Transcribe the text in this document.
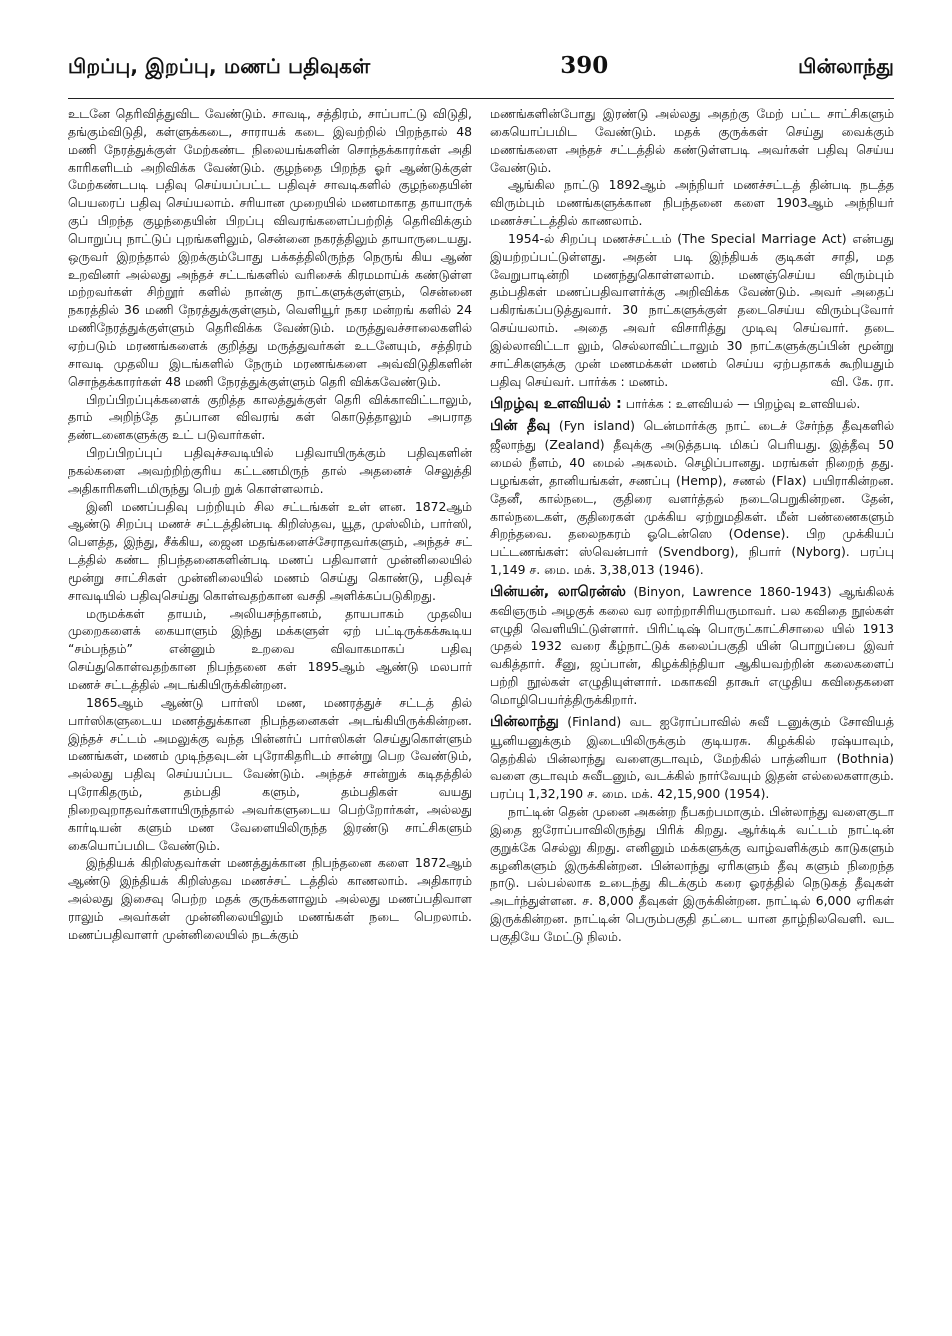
பிறப்பு, இறப்பு, மணப் பதிவுகள்	390	பின்லாந்து

உடனே தெரிவித்துவிட வேண்டும். சாவடி, சத்திரம், சாப்பாட்டு விடுதி, தங்கும்விடுதி, கள்ளுக்கடை, சாராயக் கடை இவற்றில் பிறந்தால் 48 மணி நேரத்துக்குள் மேற்கண்ட நிலையங்களின் சொந்தக்காரர்கள் அதி காரிகளிடம் அறிவிக்க வேண்டும். குழந்தை பிறந்த ஓர் ஆண்டுக்குள் மேற்கண்டபடி பதிவு செய்யப்பட்ட பதிவுச் சாவடிகளில் குழந்தையின் பெயரைப் பதிவு செய்யலாம். சரியான முறையில் மணமாகாத தாயாருக் குப் பிறந்த குழந்தையின் பிறப்பு விவரங்களைப்பற்றித் தெரிவிக்கும் பொறுப்பு நாட்டுப் புறங்களிலும், சென்னை நகரத்திலும் தாயாருடையது. ஒருவர் இறந்தால் இறக்கும்போது பக்கத்திலிருந்த நெருங் கிய ஆண் உறவினர் அல்லது அந்தச் சட்டங்களில் வரிசைக் கிரமமாய்க் கண்டுள்ள மற்றவர்கள் சிற்றூர் களில் நான்கு நாட்களுக்குள்ளும், சென்னை நகரத்தில் 36 மணி நேரத்துக்குள்ளும், வெளியூர் நகர மன்றங் களில் 24 மணிநேரத்துக்குள்ளும் தெரிவிக்க வேண்டும். மருத்துவச்சாலைகளில் ஏற்படும் மரணங்களைக் குறித்து மருத்துவர்கள் உடனேயும், சத்திரம் சாவடி முதலிய இடங்களில் நேரும் மரணங்களை அவ்விடுதிகளின் சொந்தக்காரர்கள் 48 மணி நேரத்துக்குள்ளும் தெரி விக்கவேண்டும்.

பிறப்பிறப்புக்களைக் குறித்த காலத்துக்குள் தெரி விக்காவிட்டாலும், தாம் அறிந்தே தப்பான விவரங் கள் கொடுத்தாலும் அபராத தண்டனைகளுக்கு உட் படுவார்கள்.

பிறப்பிறப்புப் பதிவுச்சவடியில் பதிவாயிருக்கும் பதிவுகளின் நகல்களை அவற்றிற்குரிய கட்டணமிருந் தால் அதனைச் செலுத்தி அதிகாரிகளிடமிருந்து பெற் றுக் கொள்ளலாம்.

இனி மணப்பதிவு பற்றியும் சில சட்டங்கள் உள் ளன. 1872ஆம் ஆண்டு சிறப்பு மணச் சட்டத்தின்படி கிறிஸ்தவ, யூத, முஸ்லிம், பார்ஸி, பௌத்த, இந்து, சீக்கிய, ஜைன மதங்களைச்சேராதவர்களும், அந்தச் சட் டத்தில் கண்ட நிபந்தனைகளின்படி மணப் பதிவாளர் முன்னிலையில் மூன்று சாட்சிகள் முன்னிலையில் மணம் செய்து கொண்டு, பதிவுச் சாவடியில் பதிவுசெய்து கொள்வதற்கான வசதி அளிக்கப்படுகிறது.

மருமக்கள் தாயம், அலியசந்தானம், தாயபாகம் முதலிய முறைகளைக் கையாளும் இந்து மக்களுள் ஏற் பட்டிருக்கக்கூடிய “சம்பந்தம்” என்னும் உறவை விவாகமாகப் பதிவு செய்துகொள்வதற்கான நிபந்தனை கள் 1895ஆம் ஆண்டு மலபார் மணச் சட்டத்தில் அடங்கியிருக்கின்றன.

1865ஆம் ஆண்டு பார்ஸி மண, மணரத்துச் சட்டத் தில் பார்ஸிகளுடைய மணத்துக்கான நிபந்தனைகள் அடங்கியிருக்கின்றன. இந்தச் சட்டம் அமலுக்கு வந்த பின்னர்ப் பார்ஸிகள் செய்துகொள்ளும் மணங்கள், மணம் முடிந்தவுடன் புரோகிதரிடம் சான்று பெற வேண்டும், அல்லது பதிவு செய்யப்பட வேண்டும். அந்தச் சான்றுக் கடிதத்தில் புரோகிதரும், தம்பதி களும், தம்பதிகள் வயது நிறைவுறாதவர்களாயிருந்தால் அவர்களுடைய பெற்றோர்கள், அல்லது கார்டியன் களும் மண வேளையிலிருந்த இரண்டு சாட்சிகளும் கையொப்பமிட வேண்டும்.

இந்தியக் கிறிஸ்தவர்கள் மணத்துக்கான நிபந்தனை களை 1872ஆம் ஆண்டு இந்தியக் கிறிஸ்தவ மணச்சட் டத்தில் காணலாம். அதிகாரம் அல்லது இசைவு பெற்ற மதக் குருக்களாலும் அல்லது மணப்பதிவாள ராலும் அவர்கள் முன்னிலையிலும் மணங்கள் நடை பெறலாம். மணப்பதிவாளர் முன்னிலையில் நடக்கும்

மணங்களின்போது இரண்டு அல்லது அதற்கு மேற் பட்ட சாட்சிகளும் கையொப்பமிட வேண்டும். மதக் குருக்கள் செய்து வைக்கும் மணங்களை அந்தச் சட்டத்தில் கண்டுள்ளபடி அவர்கள் பதிவு செய்ய வேண்டும்.

ஆங்கில நாட்டு 1892ஆம் அந்நியர் மணச்சட்டத் தின்படி நடத்த விரும்பும் மணங்களுக்கான நிபந்தனை களை 1903ஆம் அந்நியர் மணச்சட்டத்தில் காணலாம்.

1954-ல் சிறப்பு மணச்சட்டம் (The Special Marriage Act) என்பது இயற்றப்பட்டுள்ளது. அதன் படி இந்தியக் குடிகள் சாதி, மத வேறுபாடின்றி மணந்துகொள்ளலாம். மணஞ்செய்ய விரும்பும் தம்பதிகள் மணப்பதிவாளர்க்கு அறிவிக்க வேண்டும். அவர் அதைப் பகிரங்கப்படுத்துவார். 30 நாட்களுக்குள் தடைசெய்ய விரும்புவோர் செய்யலாம். அதை அவர் விசாரித்து முடிவு செய்வார். தடை இல்லாவிட்டா லும், செல்லாவிட்டாலும் 30 நாட்களுக்குப்பின் மூன்று சாட்சிகளுக்கு முன் மணமக்கள் மணம் செய்ய ஏற்பதாகக் கூறியதும் பதிவு செய்வர். பார்க்க : மணம்.	வி. கே. ரா.

பிறழ்வு உளவியல் : பார்க்க : உளவியல் — பிறழ்வு உளவியல்.

பின் தீவு (Fyn island) டென்மார்க்கு நாட் டைச் சேர்ந்த தீவுகளில் ஜீலாந்து (Zealand) தீவுக்கு அடுத்தபடி மிகப் பெரியது. இத்தீவு 50 மைல் நீளம், 40 மைல் அகலம். செழிப்பானது. மரங்கள் நிறைந் தது. பழங்கள், தானியங்கள், சணப்பு (Hemp), சணல் (Flax) பயிராகின்றன. தேனீ, கால்நடை, குதிரை வளர்த்தல் நடைபெறுகின்றன. தேன், கால்நடைகள், குதிரைகள் முக்கிய ஏற்றுமதிகள். மீன் பண்ணைகளும் சிறந்தவை. தலைநகரம் ஓடென்ஸெ (Odense). பிற முக்கியப் பட்டணங்கள்: ஸ்வென்பார் (Svendborg), நிபார் (Nyborg). பரப்பு 1,149 ச. மை. மக். 3,38,013 (1946).

பின்யன், லாரென்ஸ் (Binyon, Lawrence 1860-1943) ஆங்கிலக் கவிஞரும் அழகுக் கலை வர லாற்றாசிரியருமாவர். பல கவிதை நூல்கள் எழுதி வெளியிட்டுள்ளார். பிரிட்டிஷ் பொருட்காட்சிசாலை யில் 1913 முதல் 1932 வரை கீழ்நாட்டுக் கலைப்பகுதி யின் பொறுப்பை இவர் வகித்தார். சீனு, ஜப்பான், கிழக்கிந்தியா ஆகியவற்றின் கலைகளைப் பற்றி நூல்கள் எழுதியுள்ளார். மகாகவி தாகூர் எழுதிய கவிதைகளை மொழிபெயர்த்திருக்கிறார்.

பின்லாந்து (Finland) வட ஐரோப்பாவில் சுவீ டனுக்கும் சோவியத் யூனியனுக்கும் இடையிலிருக்கும் குடியரசு. கிழக்கில் ரஷ்யாவும், தெற்கில் பின்லாந்து வளைகுடாவும், மேற்கில் பாத்னியா (Bothnia) வளை குடாவும் சுவீடனும், வடக்கில் நார்வேயும் இதன் எல்லைகளாகும். பரப்பு 1,32,190 ச. மை. மக். 42,15,900 (1954).

நாட்டின் தென் முனை அகன்ற நீபகற்பமாகும். பின்லாந்து வளைகுடா இதை ஐரோப்பாவிலிருந்து பிரிக் கிறது. ஆர்க்டிக் வட்டம் நாட்டின் குறுக்கே செல்லு கிறது. எனினும் மக்களுக்கு வாழ்வளிக்கும் காடுகளும் கழனிகளும் இருக்கின்றன. பின்லாந்து ஏரிகளும் தீவு களும் நிறைந்த நாடு. பல்பல்லாக உடைந்து கிடக்கும் கரை ஓரத்தில் நெடுகத் தீவுகள் அடர்ந்துள்ளன. ச. 8,000 தீவுகள் இருக்கின்றன. நாட்டில் 6,000 ஏரிகள் இருக்கின்றன. நாட்டின் பெரும்பகுதி தட்டை யான தாழ்நிலவெளி. வட பகுதியே மேட்டு நிலம்.
